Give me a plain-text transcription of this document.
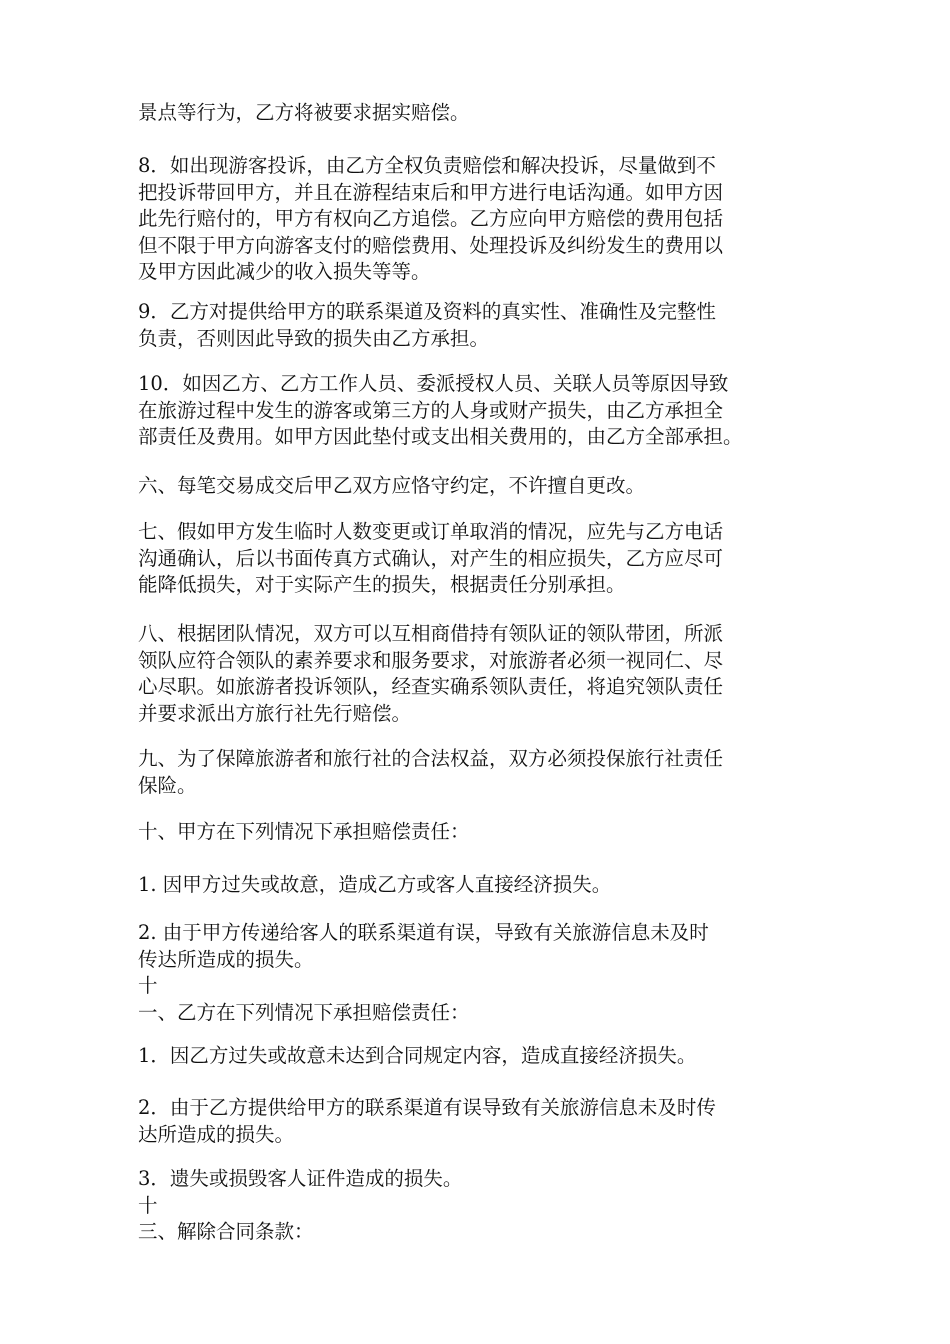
景点等行为，乙方将被要求据实赔偿。
8．如出现游客投诉，由乙方全权负责赔偿和解决投诉，尽量做到不
把投诉带回甲方，并且在游程结束后和甲方进行电话沟通。如甲方因
此先行赔付的，甲方有权向乙方追偿。乙方应向甲方赔偿的费用包括
但不限于甲方向游客支付的赔偿费用、处理投诉及纠纷发生的费用以
及甲方因此减少的收入损失等等。
9．乙方对提供给甲方的联系渠道及资料的真实性、准确性及完整性
负责，否则因此导致的损失由乙方承担。
10．如因乙方、乙方工作人员、委派授权人员、关联人员等原因导致
在旅游过程中发生的游客或第三方的人身或财产损失，由乙方承担全
部责任及费用。如甲方因此垫付或支出相关费用的，由乙方全部承担。
六、每笔交易成交后甲乙双方应恪守约定，不许擅自更改。
七、假如甲方发生临时人数变更或订单取消的情况，应先与乙方电话
沟通确认，后以书面传真方式确认，对产生的相应损失，乙方应尽可
能降低损失，对于实际产生的损失，根据责任分别承担。
八、根据团队情况，双方可以互相商借持有领队证的领队带团，所派
领队应符合领队的素养要求和服务要求，对旅游者必须一视同仁、尽
心尽职。如旅游者投诉领队，经查实确系领队责任，将追究领队责任
并要求派出方旅行社先行赔偿。
九、为了保障旅游者和旅行社的合法权益，双方必须投保旅行社责任
保险。
十、甲方在下列情况下承担赔偿责任：
1. 因甲方过失或故意，造成乙方或客人直接经济损失。
2. 由于甲方传递给客人的联系渠道有误，导致有关旅游信息未及时
传达所造成的损失。
十
一、乙方在下列情况下承担赔偿责任：
1．因乙方过失或故意未达到合同规定内容，造成直接经济损失。
2．由于乙方提供给甲方的联系渠道有误导致有关旅游信息未及时传
达所造成的损失。
3．遗失或损毁客人证件造成的损失。
十
三、解除合同条款：
